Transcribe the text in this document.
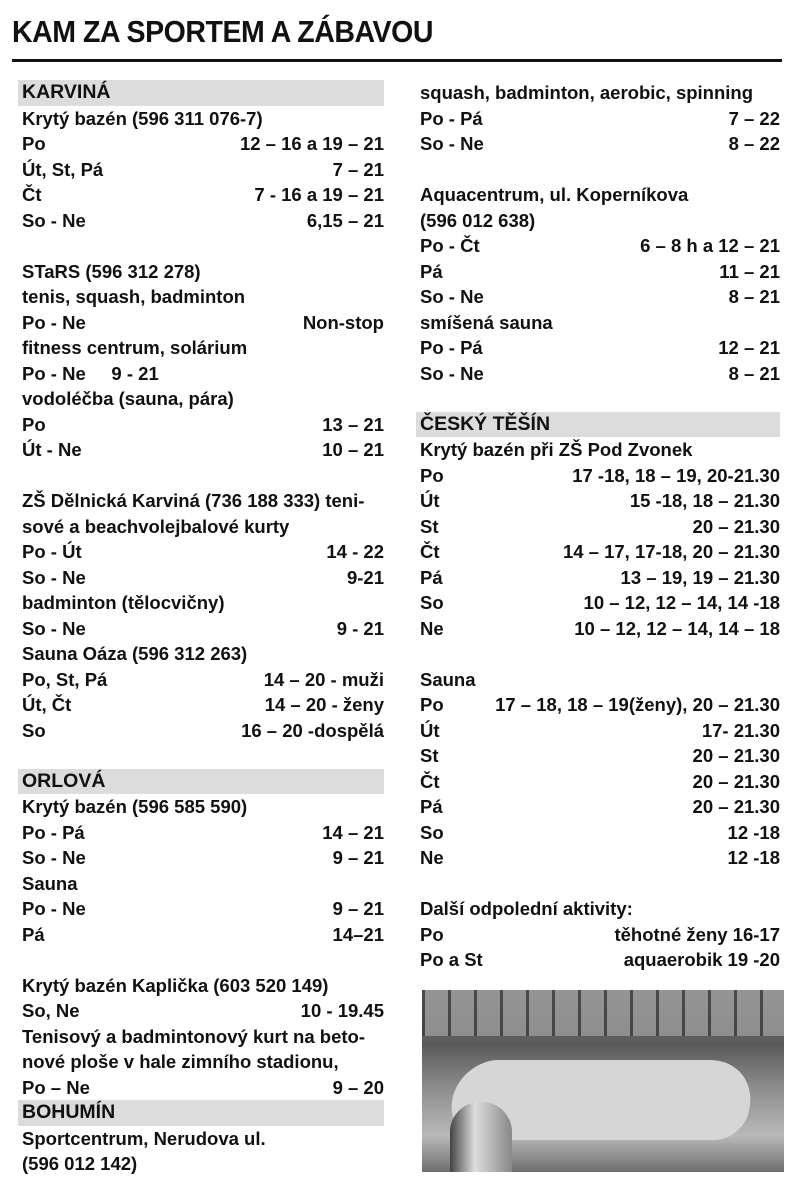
KAM ZA SPORTEM A ZÁBAVOU
KARVINÁ
Krytý bazén (596 311 076-7)
Po	12 – 16 a 19 – 21
Út, St, Pá	7 – 21
Čt	7 - 16 a 19 – 21
So - Ne	6,15 – 21
STaRS (596 312 278)
tenis, squash, badminton
Po - Ne	Non-stop
fitness centrum, solárium
Po - Ne     9 - 21
vodoléčba (sauna, pára)
Po	13 – 21
Út - Ne	10 – 21
ZŠ Dělnická Karviná (736 188 333) teni-
sové a beachvolejbalové kurty
Po - Út	14 - 22
So - Ne	9-21
badminton (tělocvičny)
So - Ne	9 - 21
Sauna Oáza (596 312 263)
Po, St, Pá	14 – 20 - muži
Út, Čt	14 – 20 - ženy
So	16 – 20 -dospělá
ORLOVÁ
Krytý bazén (596 585 590)
Po - Pá	14 – 21
So - Ne	9 – 21
Sauna
Po - Ne	9 – 21
Pá	14–21
Krytý bazén Kaplička (603 520 149)
So, Ne	10 - 19.45
Tenisový a badmintonový kurt na beto-
nové ploše v hale zimního stadionu,
Po – Ne	9 – 20
BOHUMÍN
Sportcentrum, Nerudova ul.
(596 012 142)
squash, badminton, aerobic, spinning
Po - Pá	7 – 22
So - Ne	8 – 22
Aquacentrum, ul. Koperníkova
(596 012 638)
Po - Čt	6 – 8 h a 12 – 21
Pá	11 – 21
So - Ne	8 – 21
smíšená sauna
Po - Pá	12 – 21
So - Ne	8 – 21
ČESKÝ TĚŠÍN
Krytý bazén při ZŠ Pod Zvonek
Po	17 -18, 18 – 19, 20-21.30
Út	15 -18, 18 – 21.30
St	20 – 21.30
Čt	14 – 17, 17-18, 20 – 21.30
Pá	13 – 19, 19 – 21.30
So	10 – 12, 12 – 14, 14 -18
Ne	10 – 12, 12 – 14, 14 – 18
Sauna
Po	17 – 18, 18 – 19(ženy), 20 – 21.30
Út	17- 21.30
St	20 – 21.30
Čt	20 – 21.30
Pá	20 – 21.30
So	12 -18
Ne	12 -18
Další odpolední aktivity:
Po	těhotné ženy 16-17
Po a St	aquaerobik 19 -20
